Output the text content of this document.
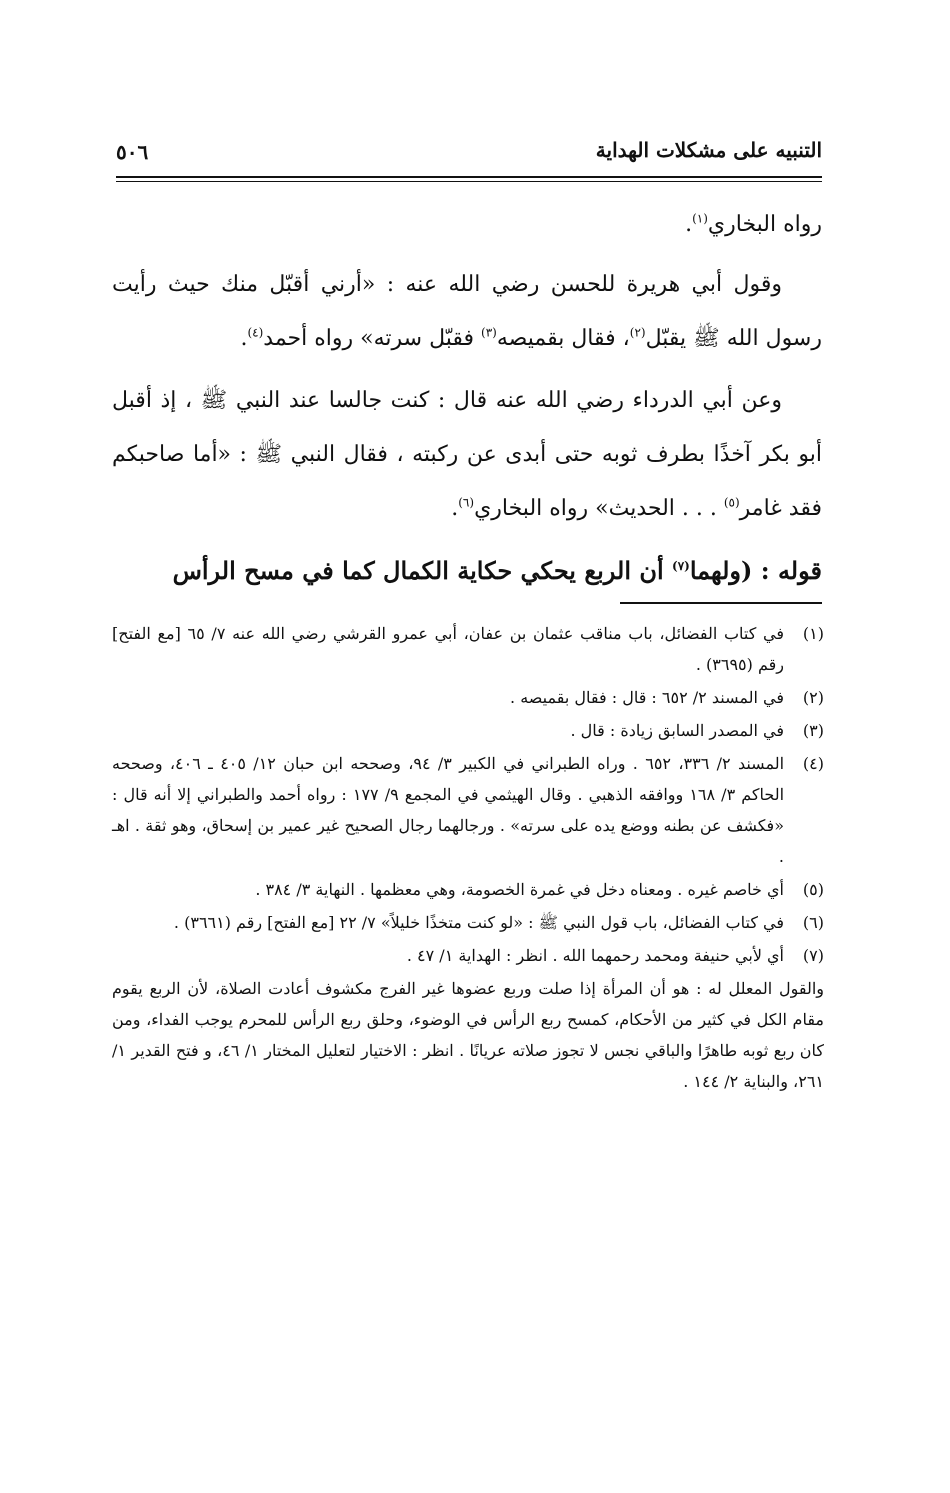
التنبيه على مشكلات الهداية
٥٠٦

رواه البخاري$^{(١)}$.

وقول أبي هريرة للحسن رضي الله عنه : «أرني أقبّل منك حيث رأيت رسول الله ﷺ يقبّل$^{(٢)}$، فقال بقميصه$^{(٣)}$ فقبّل سرته» رواه أحمد$^{(٤)}$.

وعن أبي الدرداء رضي الله عنه قال : كنت جالسا عند النبي ﷺ ، إذ أقبل أبو بكر آخذًا بطرف ثوبه حتى أبدى عن ركبته ، فقال النبي ﷺ : «أما صاحبكم فقد غامر$^{(٥)}$ . . . الحديث» رواه البخاري$^{(٦)}$.

قوله : (ولهما$^{(٧)}$ أن الربع يحكي حكاية الكمال كما في مسح الرأس

(١)
في كتاب الفضائل، باب مناقب عثمان بن عفان، أبي عمرو القرشي رضي الله عنه ٧/ ٦٥ [مع الفتح] رقم (٣٦٩٥) .
(٢)
في المسند ٢/ ٦٥٢ : قال : فقال بقميصه .
(٣)
في المصدر السابق زيادة : قال .
(٤)
المسند ٢/ ٣٣٦، ٦٥٢ . وراه الطبراني في الكبير ٣/ ٩٤، وصححه ابن حبان ١٢/ ٤٠٥ ـ ٤٠٦، وصححه الحاكم ٣/ ١٦٨ ووافقه الذهبي . وقال الهيثمي في المجمع ٩/ ١٧٧ : رواه أحمد والطبراني إلا أنه قال : «فكشف عن بطنه ووضع يده على سرته» . ورجالهما رجال الصحيح غير عمير بن إسحاق، وهو ثقة . اهـ .
(٥)
أي خاصم غيره . ومعناه دخل في غمرة الخصومة، وهي معظمها . النهاية ٣/ ٣٨٤ .
(٦)
في كتاب الفضائل، باب قول النبي ﷺ : «لو كنت متخذًا خليلاً» ٧/ ٢٢ [مع الفتح] رقم (٣٦٦١) .
(٧)
أي لأبي حنيفة ومحمد رحمهما الله . انظر : الهداية ١/ ٤٧ .

والقول المعلل له : هو أن المرأة إذا صلت وربع عضوها غير الفرج مكشوف أعادت الصلاة، لأن الربع يقوم مقام الكل في كثير من الأحكام، كمسح ربع الرأس في الوضوء، وحلق ربع الرأس للمحرم يوجب الفداء، ومن كان ربع ثوبه طاهرًا والباقي نجس لا تجوز صلاته عريانًا . انظر : الاختيار لتعليل المختار ١/ ٤٦، و فتح القدير ١/ ٢٦١، والبناية ٢/ ١٤٤ .
